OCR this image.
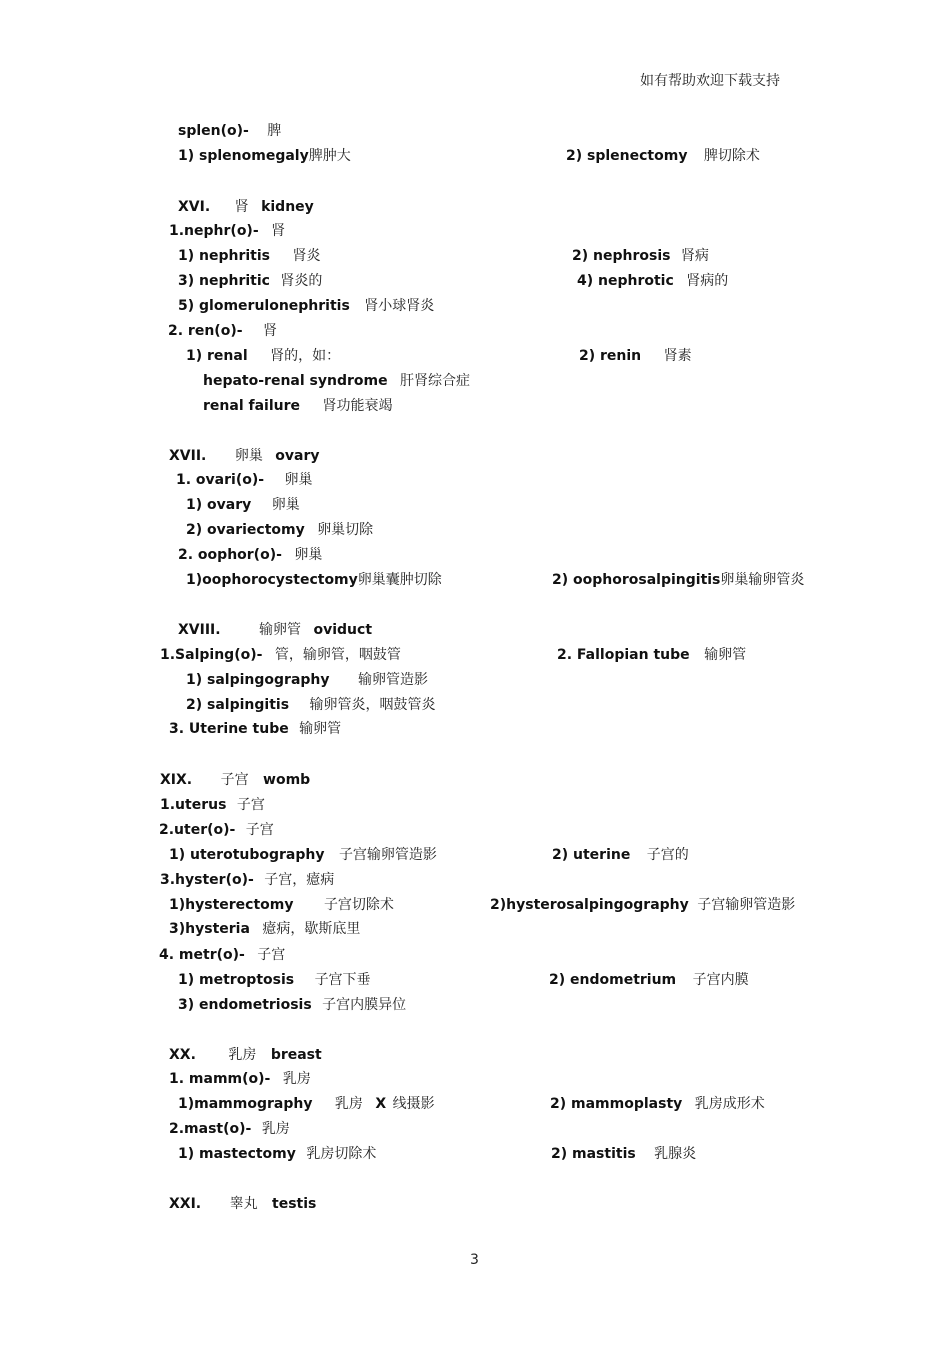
如有帮助欢迎下载支持
splen(o)- 脾
1) splenomegaly脾肿大	2) splenectomy 脾切除术
XVI. 肾 kidney
1.nephr(o)- 肾
1) nephritis 肾炎	2) nephrosis 肾病
3) nephritic 肾炎的	4) nephrotic 肾病的
5) glomerulonephritis 肾小球肾炎
2. ren(o)- 肾
1) renal 肾的，如：	2) renin 肾素
hepato-renal syndrome 肝肾综合症
renal failure 肾功能衰竭
XVII. 卵巢 ovary
1. ovari(o)- 卵巢
1) ovary 卵巢
2) ovariectomy 卵巢切除
2. oophor(o)- 卵巢
1)oophorocystectomy卵巢囊肿切除	2) oophorosalpingitis卵巢输卵管炎
XVIII.	输卵管 oviduct
1.Salping(o)- 管，输卵管，咽鼓管	2. Fallopian tube 输卵管
1) salpingography 输卵管造影
2) salpingitis 输卵管炎，咽鼓管炎
3. Uterine tube 输卵管
XIX. 子宫 womb
1.uterus 子宫
2.uter(o)- 子宫
1) uterotubography 子宫输卵管造影	2) uterine 子宫的
3.hyster(o)- 子宫，癔病
1)hysterectomy 子宫切除术	2)hysterosalpingography 子宫输卵管造影
3)hysteria 癔病，歇斯底里
4. metr(o)- 子宫
1) metroptosis 子宫下垂	2) endometrium 子宫内膜
3) endometriosis 子宫内膜异位
XX. 乳房 breast
1. mamm(o)- 乳房
1)mammography 乳房 X 线摄影	2) mammoplasty 乳房成形术
2.mast(o)- 乳房
1) mastectomy 乳房切除术	2) mastitis 乳腺炎
XXI. 睾丸 testis
3
